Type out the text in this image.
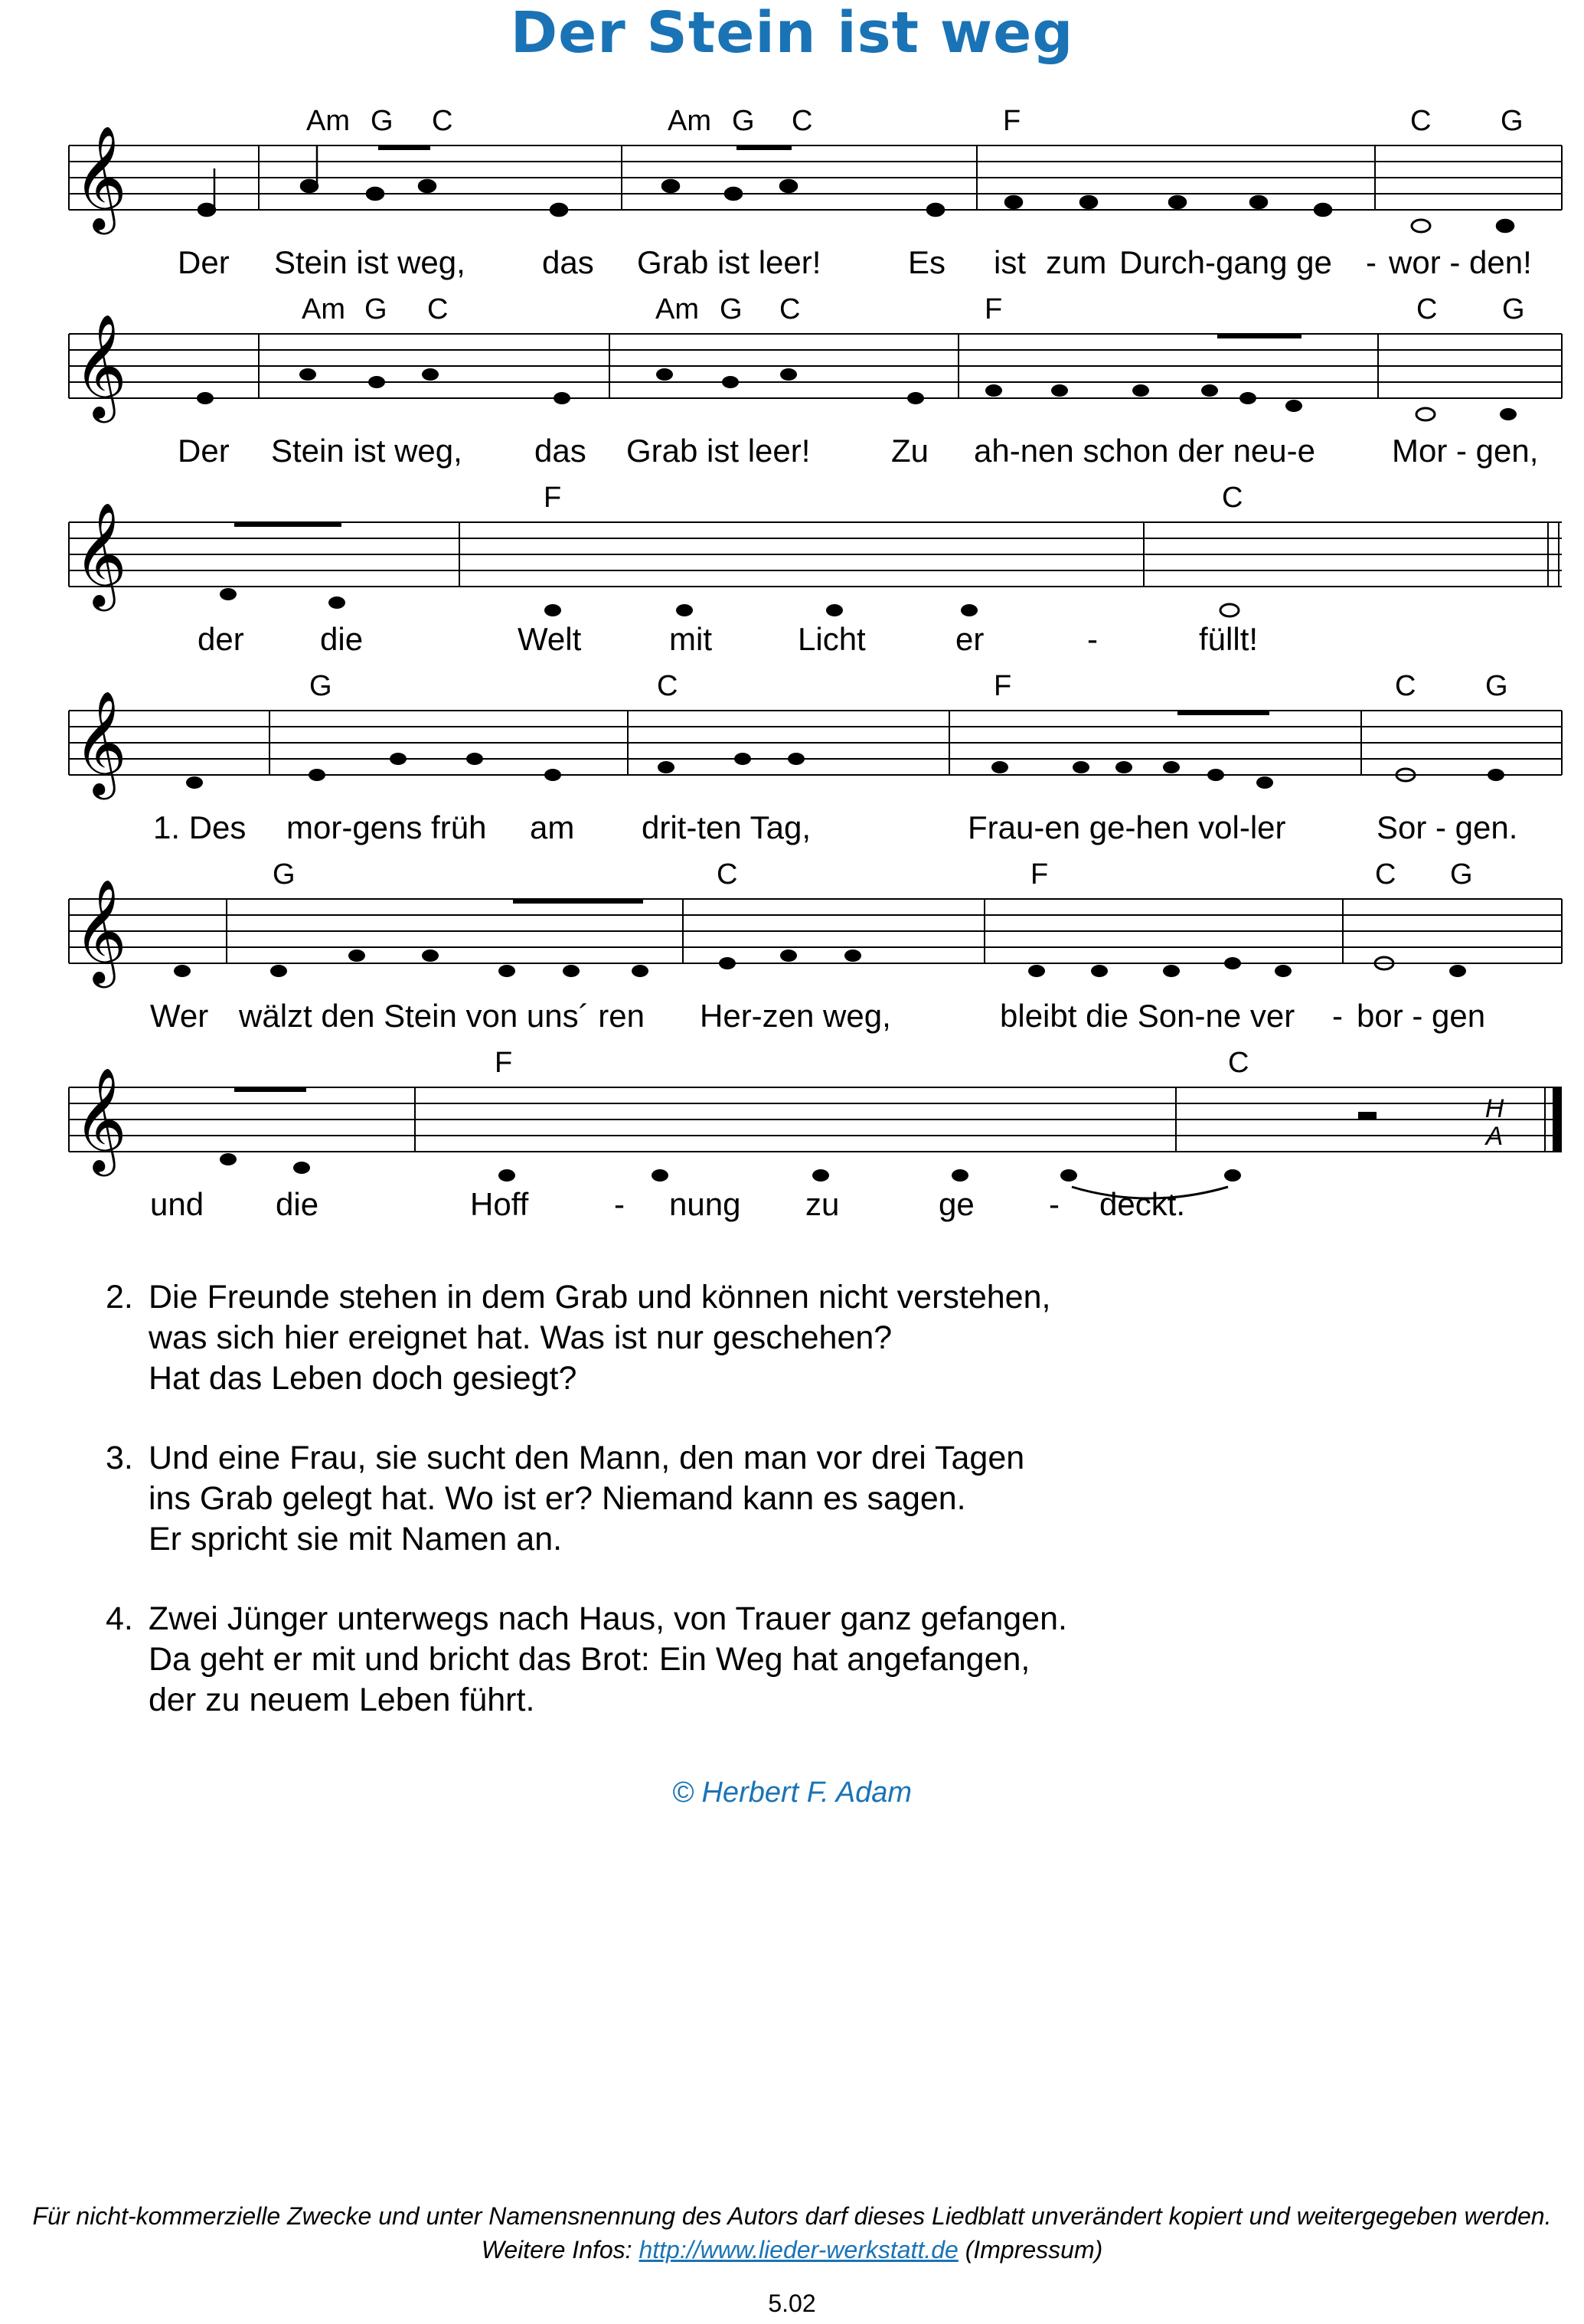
Der Stein ist weg
𝄞
Am G C	Am G C	F	C G
Der Stein ist weg, das Grab ist leer!	Es ist zum Durch-gang ge - wor - den!
𝄞
Am G C	Am G C	F	C G
Der Stein ist weg, das Grab ist leer!	Zu ah-nen schon der neu-e Mor - gen,
𝄞
F	C
der die	Welt	mit	Licht	er	-	füllt!
𝄞
G	C	F	C G
1. Des mor-gens früh am drit-ten Tag,	Frau-en ge-hen vol-ler	Sor - gen.
𝄞
G	C	F	C G
Wer wälzt den Stein von uns´ ren Her-zen weg,	bleibt die Son-ne ver - bor - gen
𝄞	H
A
F	C
und die	Hoff	- nung zu	ge - deckt.
2. Die Freunde stehen in dem Grab und können nicht verstehen,
was sich hier ereignet hat. Was ist nur geschehen?
Hat das Leben doch gesiegt?
3. Und eine Frau, sie sucht den Mann, den man vor drei Tagen
ins Grab gelegt hat. Wo ist er? Niemand kann es sagen.
Er spricht sie mit Namen an.
4. Zwei Jünger unterwegs nach Haus, von Trauer ganz gefangen.
Da geht er mit und bricht das Brot: Ein Weg hat angefangen,
der zu neuem Leben führt.
© Herbert F. Adam
Für nicht-kommerzielle Zwecke und unter Namensnennung des Autors darf dieses Liedblatt unverändert kopiert und weitergegeben werden.
Weitere Infos: http://www.lieder-werkstatt.de (Impressum)
5.02
